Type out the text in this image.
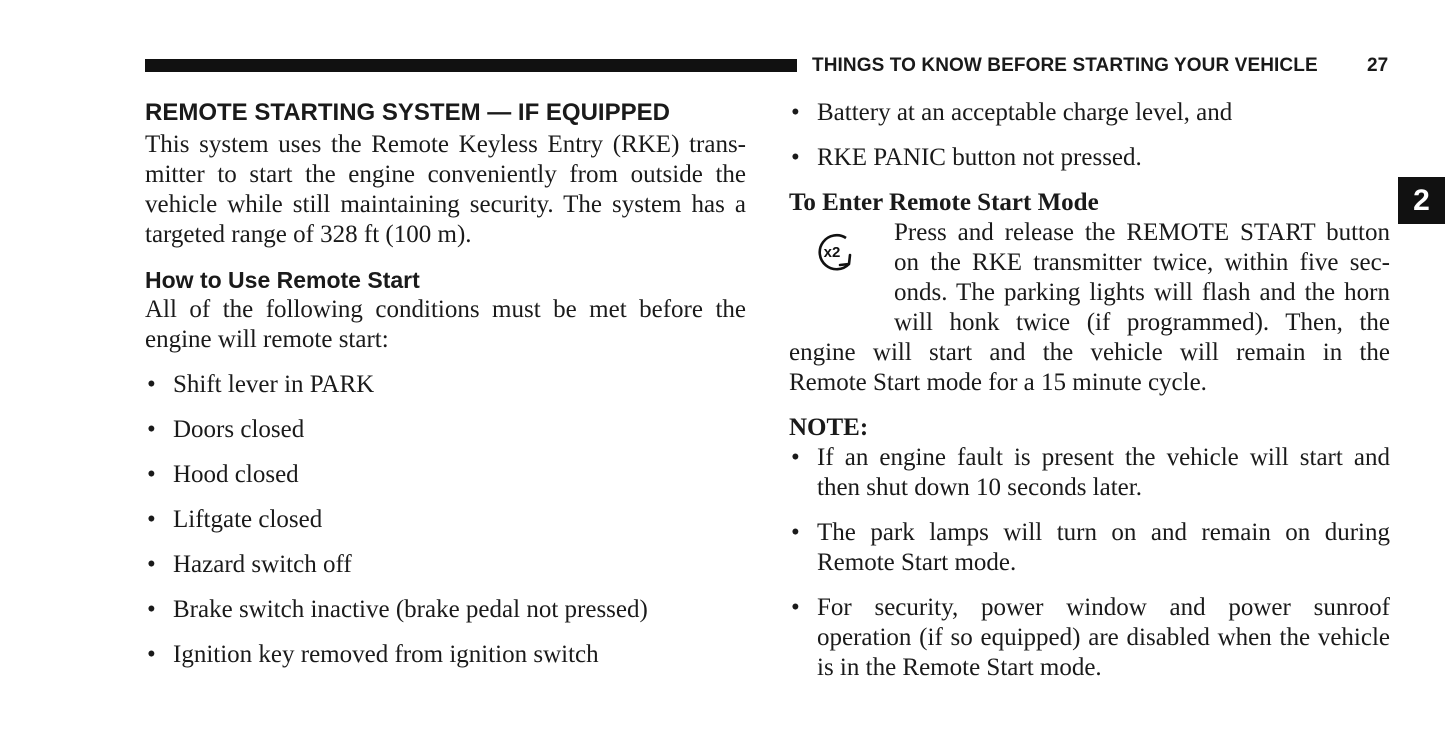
THINGS TO KNOW BEFORE STARTING YOUR VEHICLE	27
2
REMOTE STARTING SYSTEM — IF EQUIPPED
This system uses the Remote Keyless Entry (RKE) trans-
mitter to start the engine conveniently from outside the
vehicle while still maintaining security. The system has a
targeted range of 328 ft (100 m).
How to Use Remote Start
All of the following conditions must be met before the
engine will remote start:
• Shift lever in PARK
• Doors closed
• Hood closed
• Liftgate closed
• Hazard switch off
• Brake switch inactive (brake pedal not pressed)
• Ignition key removed from ignition switch
• Battery at an acceptable charge level, and
• RKE PANIC button not pressed.
To Enter Remote Start Mode
x2
Press and release the REMOTE START button
on the RKE transmitter twice, within five sec-
onds. The parking lights will flash and the horn
will honk twice (if programmed). Then, the
engine will start and the vehicle will remain in the
Remote Start mode for a 15 minute cycle.
NOTE:
• If an engine fault is present the vehicle will start and then shut down 10 seconds later.
• The park lamps will turn on and remain on during Remote Start mode.
• For security, power window and power sunroof operation (if so equipped) are disabled when the vehicle is in the Remote Start mode.
